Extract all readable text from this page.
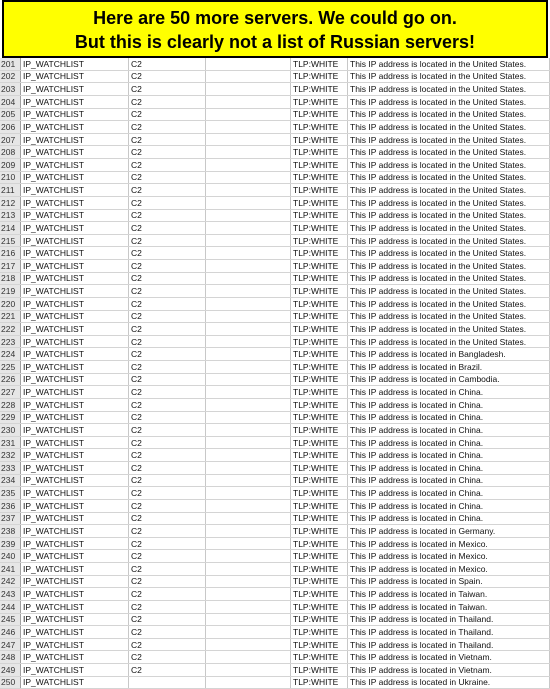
Here are 50 more servers. We could go on.
But this is clearly not a list of Russian servers!
201	IP_WATCHLIST	C2		TLP:WHITE	This IP address is located in the United States.
202	IP_WATCHLIST	C2		TLP:WHITE	This IP address is located in the United States.
203	IP_WATCHLIST	C2		TLP:WHITE	This IP address is located in the United States.
204	IP_WATCHLIST	C2		TLP:WHITE	This IP address is located in the United States.
205	IP_WATCHLIST	C2		TLP:WHITE	This IP address is located in the United States.
206	IP_WATCHLIST	C2		TLP:WHITE	This IP address is located in the United States.
207	IP_WATCHLIST	C2		TLP:WHITE	This IP address is located in the United States.
208	IP_WATCHLIST	C2		TLP:WHITE	This IP address is located in the United States.
209	IP_WATCHLIST	C2		TLP:WHITE	This IP address is located in the United States.
210	IP_WATCHLIST	C2		TLP:WHITE	This IP address is located in the United States.
211	IP_WATCHLIST	C2		TLP:WHITE	This IP address is located in the United States.
212	IP_WATCHLIST	C2		TLP:WHITE	This IP address is located in the United States.
213	IP_WATCHLIST	C2		TLP:WHITE	This IP address is located in the United States.
214	IP_WATCHLIST	C2		TLP:WHITE	This IP address is located in the United States.
215	IP_WATCHLIST	C2		TLP:WHITE	This IP address is located in the United States.
216	IP_WATCHLIST	C2		TLP:WHITE	This IP address is located in the United States.
217	IP_WATCHLIST	C2		TLP:WHITE	This IP address is located in the United States.
218	IP_WATCHLIST	C2		TLP:WHITE	This IP address is located in the United States.
219	IP_WATCHLIST	C2		TLP:WHITE	This IP address is located in the United States.
220	IP_WATCHLIST	C2		TLP:WHITE	This IP address is located in the United States.
221	IP_WATCHLIST	C2		TLP:WHITE	This IP address is located in the United States.
222	IP_WATCHLIST	C2		TLP:WHITE	This IP address is located in the United States.
223	IP_WATCHLIST	C2		TLP:WHITE	This IP address is located in the United States.
224	IP_WATCHLIST	C2		TLP:WHITE	This IP address is located in Bangladesh.
225	IP_WATCHLIST	C2		TLP:WHITE	This IP address is located in Brazil.
226	IP_WATCHLIST	C2		TLP:WHITE	This IP address is located in Cambodia.
227	IP_WATCHLIST	C2		TLP:WHITE	This IP address is located in China.
228	IP_WATCHLIST	C2		TLP:WHITE	This IP address is located in China.
229	IP_WATCHLIST	C2		TLP:WHITE	This IP address is located in China.
230	IP_WATCHLIST	C2		TLP:WHITE	This IP address is located in China.
231	IP_WATCHLIST	C2		TLP:WHITE	This IP address is located in China.
232	IP_WATCHLIST	C2		TLP:WHITE	This IP address is located in China.
233	IP_WATCHLIST	C2		TLP:WHITE	This IP address is located in China.
234	IP_WATCHLIST	C2		TLP:WHITE	This IP address is located in China.
235	IP_WATCHLIST	C2		TLP:WHITE	This IP address is located in China.
236	IP_WATCHLIST	C2		TLP:WHITE	This IP address is located in China.
237	IP_WATCHLIST	C2		TLP:WHITE	This IP address is located in China.
238	IP_WATCHLIST	C2		TLP:WHITE	This IP address is located in Germany.
239	IP_WATCHLIST	C2		TLP:WHITE	This IP address is located in Mexico.
240	IP_WATCHLIST	C2		TLP:WHITE	This IP address is located in Mexico.
241	IP_WATCHLIST	C2		TLP:WHITE	This IP address is located in Mexico.
242	IP_WATCHLIST	C2		TLP:WHITE	This IP address is located in Spain.
243	IP_WATCHLIST	C2		TLP:WHITE	This IP address is located in Taiwan.
244	IP_WATCHLIST	C2		TLP:WHITE	This IP address is located in Taiwan.
245	IP_WATCHLIST	C2		TLP:WHITE	This IP address is located in Thailand.
246	IP_WATCHLIST	C2		TLP:WHITE	This IP address is located in Thailand.
247	IP_WATCHLIST	C2		TLP:WHITE	This IP address is located in Thailand.
248	IP_WATCHLIST	C2		TLP:WHITE	This IP address is located in Vietnam.
249	IP_WATCHLIST	C2		TLP:WHITE	This IP address is located in Vietnam.
250	IP_WATCHLIST			TLP:WHITE	This IP address is located in Ukraine.
